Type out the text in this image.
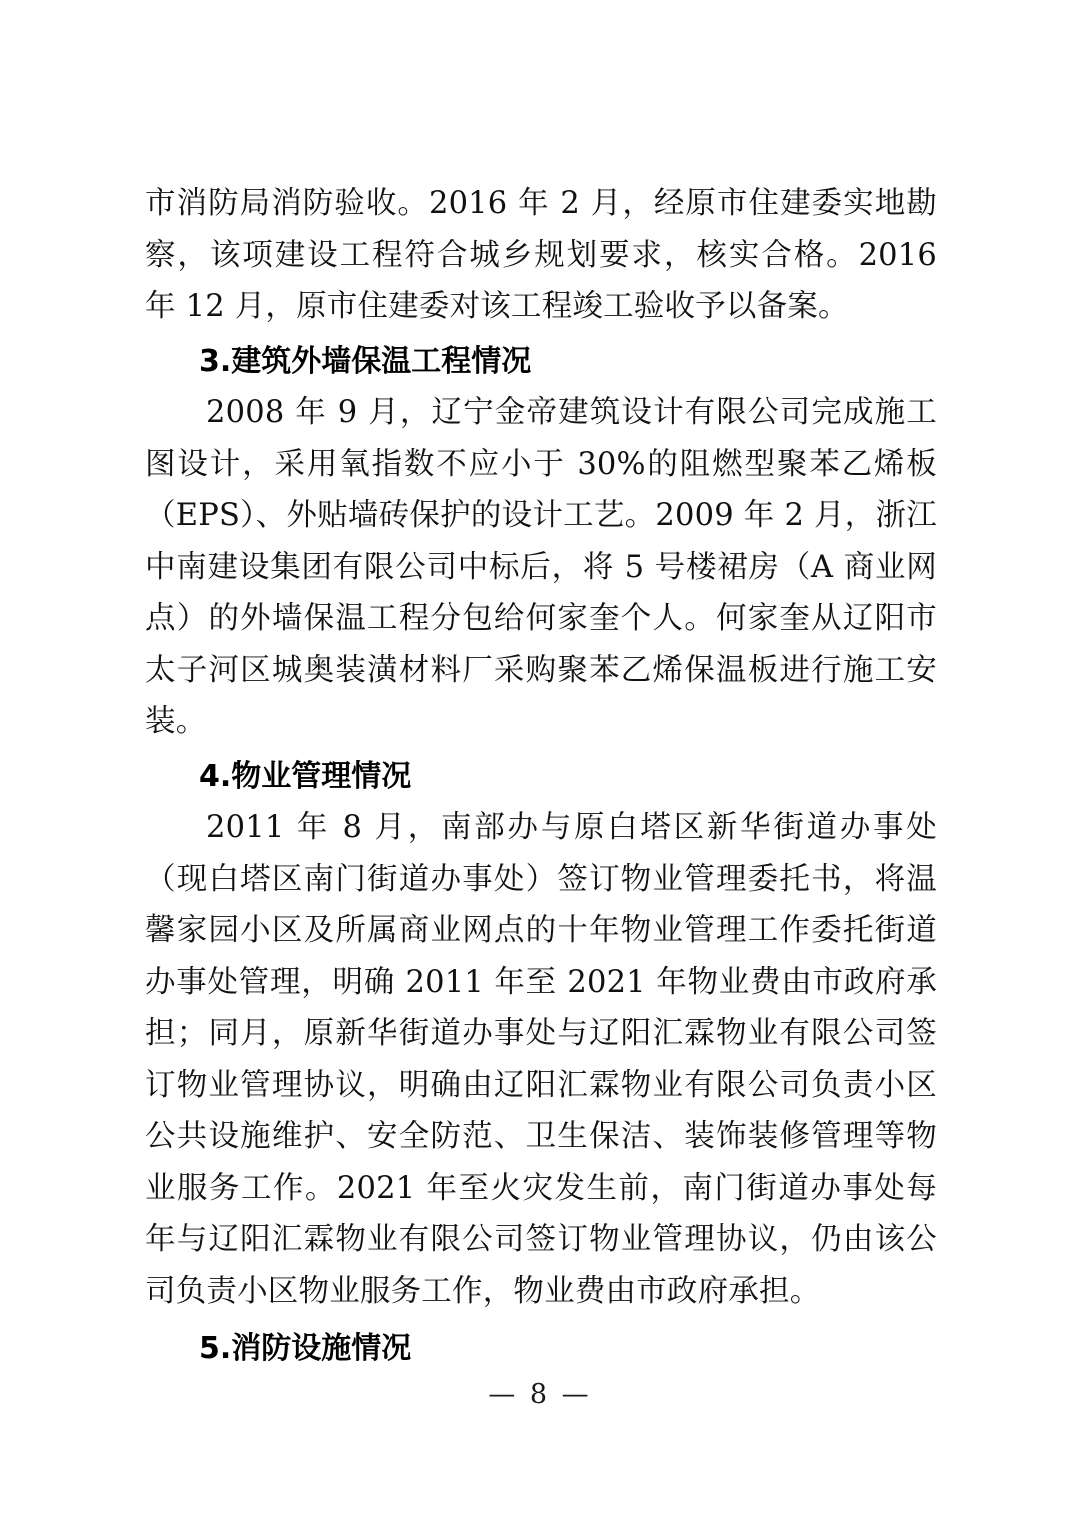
市消防局消防验收。2016 年 2 月，经原市住建委实地勘察，该项建设工程符合城乡规划要求，核实合格。2016 年 12 月，原市住建委对该工程竣工验收予以备案。

3.建筑外墙保温工程情况

2008 年 9 月，辽宁金帝建筑设计有限公司完成施工图设计，采用氧指数不应小于 30%的阻燃型聚苯乙烯板（EPS）、外贴墙砖保护的设计工艺。2009 年 2 月，浙江中南建设集团有限公司中标后，将 5 号楼裙房（A 商业网点）的外墙保温工程分包给何家奎个人。何家奎从辽阳市太子河区城奥装潢材料厂采购聚苯乙烯保温板进行施工安装。

4.物业管理情况

2011 年 8 月，南部办与原白塔区新华街道办事处（现白塔区南门街道办事处）签订物业管理委托书，将温馨家园小区及所属商业网点的十年物业管理工作委托街道办事处管理，明确 2011 年至 2021 年物业费由市政府承担；同月，原新华街道办事处与辽阳汇霖物业有限公司签订物业管理协议，明确由辽阳汇霖物业有限公司负责小区公共设施维护、安全防范、卫生保洁、装饰装修管理等物业服务工作。2021 年至火灾发生前，南门街道办事处每年与辽阳汇霖物业有限公司签订物业管理协议，仍由该公司负责小区物业服务工作，物业费由市政府承担。

5.消防设施情况
— 8 —
